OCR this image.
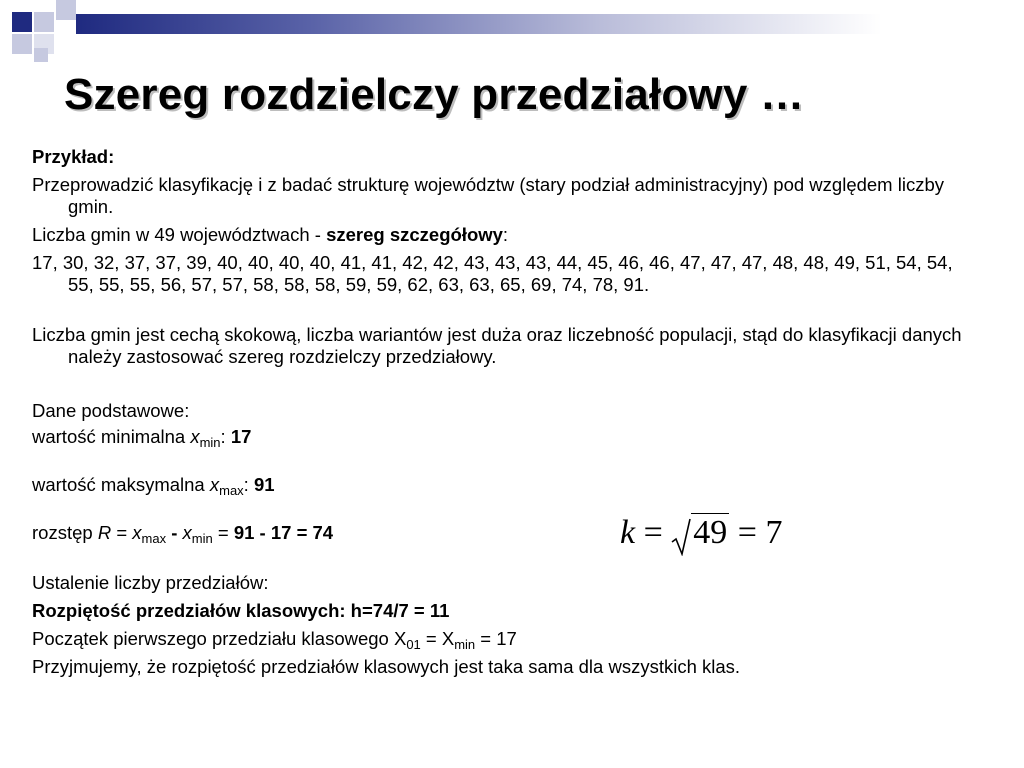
Szereg rozdzielczy przedziałowy …
Przykład:
Przeprowadzić klasyfikację i z badać strukturę województw (stary podział administracyjny) pod względem liczby gmin.
Liczba gmin w 49 województwach - szereg szczegółowy:
17, 30, 32, 37, 37, 39, 40, 40, 40, 40, 41, 41, 42, 42, 43, 43, 43, 44, 45, 46, 46, 47, 47, 47, 48, 48, 49, 51, 54, 54, 55, 55, 55, 56, 57, 57, 58, 58, 58, 59, 59, 62, 63, 63, 65, 69, 74, 78, 91.
Liczba gmin jest cechą skokową, liczba wariantów jest duża oraz liczebność populacji, stąd do klasyfikacji danych należy zastosować szereg rozdzielczy przedziałowy.
Dane podstawowe:
wartość minimalna $x_{min}$: 17
wartość maksymalna $x_{max}$: 91
rozstęp $R = x_{max} - x_{min} = 91 - 17 = 74$
Ustalenie liczby przedziałów:
Rozpiętość przedziałów klasowych: h=74/7 = 11
Początek pierwszego przedziału klasowego $X_{01} = X_{min} = 17$
Przyjmujemy, że rozpiętość przedziałów klasowych jest taka sama dla wszystkich klas.
k =
49 = 7
